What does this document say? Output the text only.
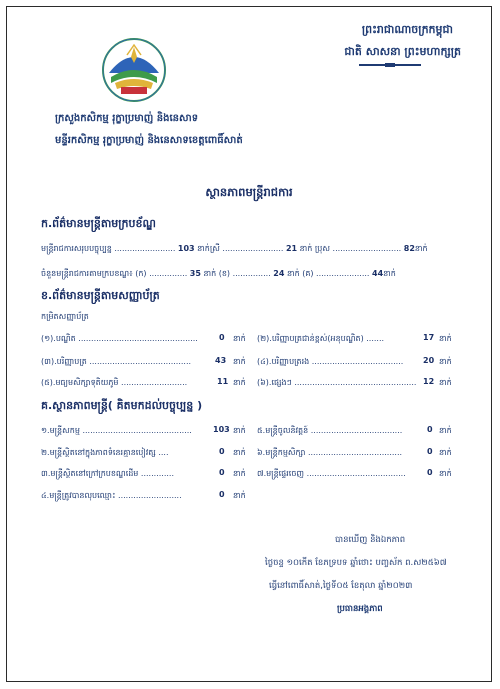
ព្រះរាជាណាចក្រកម្ពុជា
ជាតិ សាសនា ព្រះមហាក្សត្រ
ក្រសួងកសិកម្ម រុក្ខាប្រមាញ់ និងនេសាទ
មន្ទីរកសិកម្ម រុក្ខាប្រមាញ់ និងនេសាទខេត្តពោធិ៍សាត់
ស្ថានភាពមន្ត្រីរាជការ
ក.ព័ត៌មានមន្ត្រីតាមក្របខ័ណ្ឌ
មន្ត្រីរាជការសរុបបច្ចុប្បន្ន ........................ 103 នាក់ស្រី ........................ 21 នាក់ ប្រុស ........................... 82នាក់
ចំនួនមន្ត្រីរាជការតាមក្របខណ្ឌ៖ (ក) ............... 35 នាក់ (ខ) ............... 24 នាក់ (គ) ..................... 44នាក់
ខ.ព័ត៌មានមន្ត្រីតាមសញ្ញាប័ត្រ
កម្រិតសញ្ញាប័ត្រ
(១).បណ្ឌិត ...............................................	0 នាក់ (២).បរិញ្ញាបត្រជាន់ខ្ពស់(អនុបណ្ឌិត) .......	17 នាក់
(៣).បរិញ្ញាបត្រ ........................................	43 នាក់ (៤).បរិញ្ញាបត្ររង .................................... 20 នាក់
(៥).មធ្យមសិក្សាទុតិយភូមិ ..........................	11 នាក់ (៦).ផ្សេងៗ ................................................ 12 នាក់
គ.ស្ថានភាពមន្ត្រី( គិតមកដល់បច្ចុប្បន្ន )
១.មន្ត្រីសកម្ម ...........................................	103 នាក់ ៥.មន្ត្រីចូលនិវត្តន៍ ....................................	0 នាក់
២.មន្ត្រីស្ថិតនៅក្នុងភាពទំនេរគ្មានបៀវត្ស ....	0 នាក់ ៦.មន្ត្រីកម្មសិក្សា .....................................	0 នាក់
៣.មន្ត្រីស្ថិតនៅក្រៅក្របខណ្ឌដើម .............	0 នាក់ ៧.មន្ត្រីផ្ទេរចេញ .......................................	0 នាក់
៤.មន្ត្រីត្រូវបានលុបឈ្មោះ .........................	0 នាក់
បានឃើញ និងឯកភាព
ថ្ងៃចន្ទ ១០កើត ខែភទ្របទ ឆ្នាំថោះ បញ្ចស័ក ព.ស២៥៦៧
ធ្វើនៅពោធិ៍សាត់,ថ្ងៃទី០៥ ខែតុលា ឆ្នាំ២០២៣
ប្រធានអង្គភាព
